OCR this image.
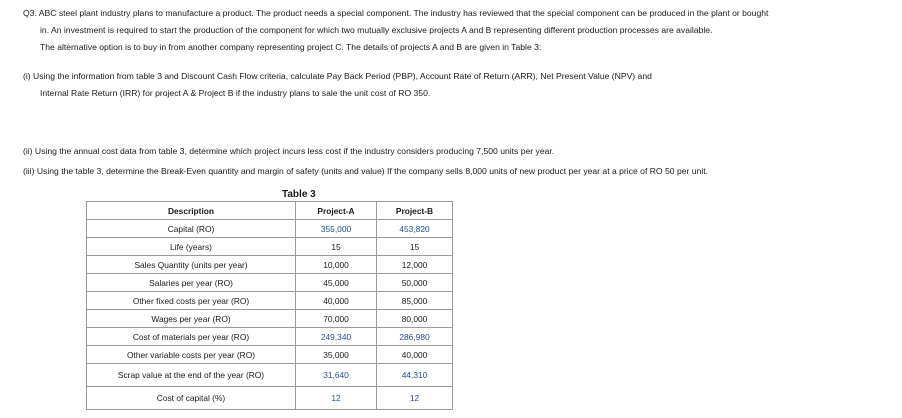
Q3. ABC steel plant industry plans to manufacture a product. The product needs a special component. The industry has reviewed that the special component can be produced in the plant or bought
in. An investment is required to start the production of the component for which two mutually exclusive projects A and B representing different production processes are available.
The alternative option is to buy in from another company representing project C. The details of projects A and B are given in Table 3:
(i) Using the information from table 3 and Discount Cash Flow criteria, calculate Pay Back Period (PBP), Account Rate of Return (ARR), Net Present Value (NPV) and
Internal Rate Return (IRR) for project A & Project B if the industry plans to sale the unit cost of RO 350.
(ii) Using the annual cost data from table 3, determine which project incurs less cost if the industry considers producing 7,500 units per year.
(iii) Using the table 3, determine the Break-Even quantity and margin of safety (units and value) If the company sells 8,000 units of new product per year at a price of RO 50 per unit.
Table 3
Description	Project-A	Project-B
Capital (RO)	355,000	453,820
Life (years)	15	15
Sales Quantity (units per year)	10,000	12,000
Salaries per year (RO)	45,000	50,000
Other fixed costs per year (RO)	40,000	85,000
Wages per year (RO)	70,000	80,000
Cost of materials per year (RO)	249,340	286,980
Other variable costs per year (RO)	35,000	40,000
Scrap value at the end of the year (RO)	31,640	44,310
Cost of capital (%)	12	12
